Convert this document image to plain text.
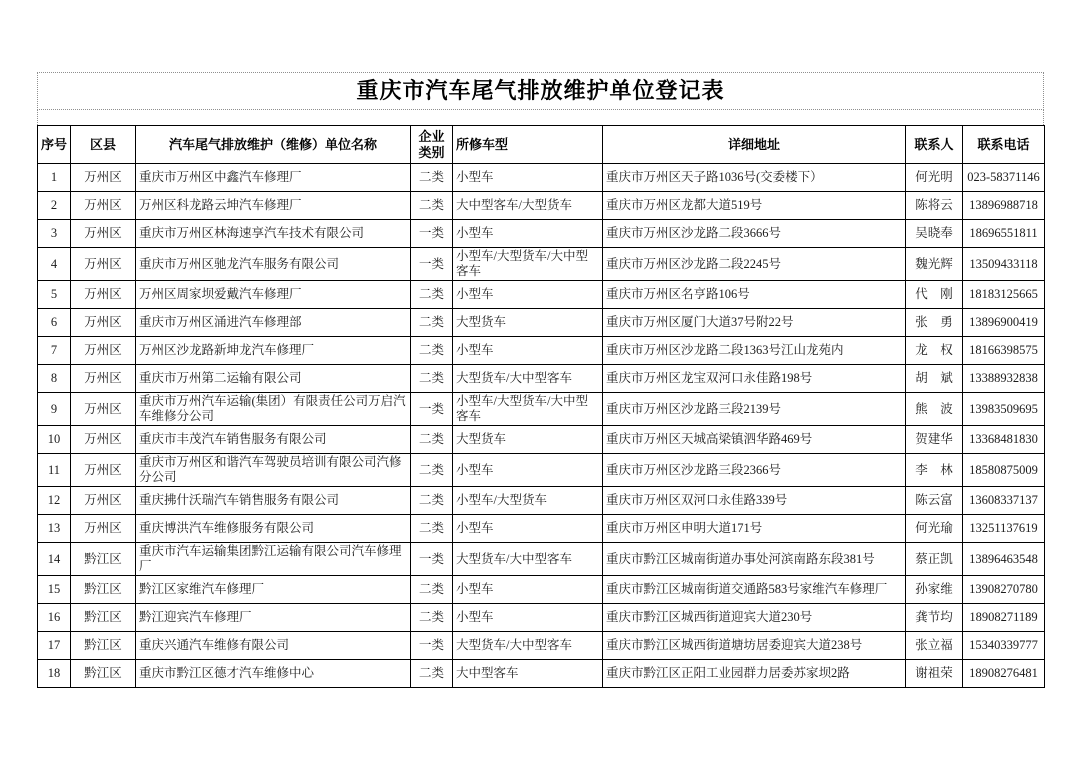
重庆市汽车尾气排放维护单位登记表
序号	区县	汽车尾气排放维护（维修）单位名称	企业类别	所修车型	详细地址	联系人	联系电话
1	万州区	重庆市万州区中鑫汽车修理厂	二类	小型车	重庆市万州区天子路1036号(交委楼下）	何光明	023-58371146
2	万州区	万州区科龙路云坤汽车修理厂	二类	大中型客车/大型货车	重庆市万州区龙都大道519号	陈将云	13896988718
3	万州区	重庆市万州区林海速享汽车技术有限公司	一类	小型车	重庆市万州区沙龙路二段3666号	吴晓奉	18696551811
4	万州区	重庆市万州区驰龙汽车服务有限公司	一类	小型车/大型货车/大中型客车	重庆市万州区沙龙路二段2245号	魏光辉	13509433118
5	万州区	万州区周家坝爱戴汽车修理厂	二类	小型车	重庆市万州区名亨路106号	代　刚	18183125665
6	万州区	重庆市万州区涌进汽车修理部	二类	大型货车	重庆市万州区厦门大道37号附22号	张　勇	13896900419
7	万州区	万州区沙龙路新坤龙汽车修理厂	二类	小型车	重庆市万州区沙龙路二段1363号江山龙苑内	龙　权	18166398575
8	万州区	重庆市万州第二运输有限公司	二类	大型货车/大中型客车	重庆市万州区龙宝双河口永佳路198号	胡　斌	13388932838
9	万州区	重庆市万州汽车运输(集团）有限责任公司万启汽车维修分公司	一类	小型车/大型货车/大中型客车	重庆市万州区沙龙路三段2139号	熊　波	13983509695
10	万州区	重庆市丰茂汽车销售服务有限公司	二类	大型货车	重庆市万州区天城高梁镇泗华路469号	贺建华	13368481830
11	万州区	重庆市万州区和谐汽车驾驶员培训有限公司汽修分公司	二类	小型车	重庆市万州区沙龙路三段2366号	李　林	18580875009
12	万州区	重庆拂什沃瑞汽车销售服务有限公司	二类	小型车/大型货车	重庆市万州区双河口永佳路339号	陈云富	13608337137
13	万州区	重庆博洪汽车维修服务有限公司	二类	小型车	重庆市万州区申明大道171号	何光瑜	13251137619
14	黔江区	重庆市汽车运输集团黔江运输有限公司汽车修理厂	一类	大型货车/大中型客车	重庆市黔江区城南街道办事处河滨南路东段381号	蔡正凯	13896463548
15	黔江区	黔江区家维汽车修理厂	二类	小型车	重庆市黔江区城南街道交通路583号家维汽车修理厂	孙家维	13908270780
16	黔江区	黔江迎宾汽车修理厂	二类	小型车	重庆市黔江区城西街道迎宾大道230号	龚节均	18908271189
17	黔江区	重庆兴通汽车维修有限公司	一类	大型货车/大中型客车	重庆市黔江区城西街道塘坊居委迎宾大道238号	张立福	15340339777
18	黔江区	重庆市黔江区德才汽车维修中心	二类	大中型客车	重庆市黔江区正阳工业园群力居委苏家坝2路	谢祖荣	18908276481
